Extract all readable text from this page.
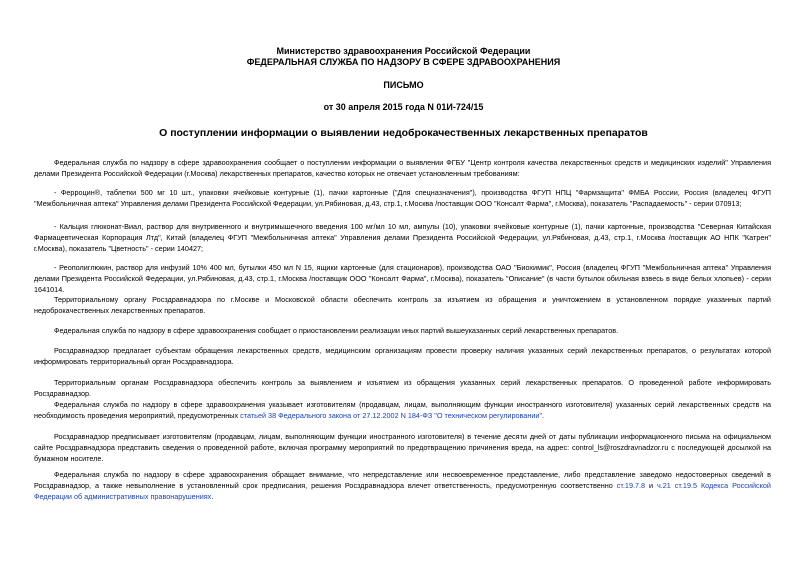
Министерство здравоохранения Российской Федерации
ФЕДЕРАЛЬНАЯ СЛУЖБА ПО НАДЗОРУ В СФЕРЕ ЗДРАВООХРАНЕНИЯ
ПИСЬМО
от 30 апреля 2015 года N 01И-724/15
О поступлении информации о выявлении недоброкачественных лекарственных препаратов

Федеральная служба по надзору в сфере здравоохранения сообщает о поступлении информации о выявлении ФГБУ "Центр контроля качества лекарственных средств и медицинских изделий" Управления делами Президента Российской Федерации (г.Москва) лекарственных препаратов, качество которых не отвечает установленным требованиям:

- Ферроцин®, таблетки 500 мг 10 шт., упаковки ячейковые контурные (1), пачки картонные ("Для спецназначения"), производства ФГУП НПЦ "Фармзащита" ФМБА России, Россия (владелец ФГУП "Межбольничная аптека" Управления делами Президента Российской Федерации, ул.Рябиновая, д.43, стр.1, г.Москва /поставщик ООО "Консалт Фарма", г.Москва), показатель "Распадаемость" - серии 070913;

- Кальция глюконат-Виал, раствор для внутривенного и внутримышечного введения 100 мг/мл 10 мл, ампулы (10), упаковки ячейковые контурные (1), пачки картонные, производства "Северная Китайская Фармацевтическая Корпорация Лтд", Китай (владелец ФГУП "Межбольничная аптека" Управления делами Президента Российской Федерации, ул.Рябиновая, д.43, стр.1, г.Москва /поставщик АО НПК "Катрен" г.Москва), показатель "Цветность" - серии 140427;

- Реополиглюкин, раствор для инфузий 10% 400 мл, бутылки 450 мл N 15, ящики картонные (для стационаров), производства ОАО "Биохимик", Россия (владелец ФГУП "Межбольничная аптека" Управления делами Президента Российской Федерации, ул.Рябиновая, д.43, стр.1, г.Москва /поставщик ООО "Консалт Фарма", г.Москва), показатель "Описание" (в части бутылок обильная взвесь в виде белых хлопьев) - серии 1641014.

Территориальному органу Росздравнадзора по г.Москве и Московской области обеспечить контроль за изъятием из обращения и уничтожением в установленном порядке указанных партий недоброкачественных лекарственных препаратов.

Федеральная служба по надзору в сфере здравоохранения сообщает о приостановлении реализации иных партий вышеуказанных серий лекарственных препаратов.

Росздравнадзор предлагает субъектам обращения лекарственных средств, медицинским организациям провести проверку наличия указанных серий лекарственных препаратов, о результатах которой информировать территориальный орган Росздравнадзора.

Территориальным органам Росздравнадзора обеспечить контроль за выявлением и изъятием из обращения указанных серий лекарственных препаратов. О проведенной работе информировать Росздравнадзор.

Федеральная служба по надзору в сфере здравоохранения указывает изготовителям (продавцам, лицам, выполняющим функции иностранного изготовителя) указанных серий лекарственных средств на необходимость проведения мероприятий, предусмотренных статьей 38 Федерального закона от 27.12.2002 N 184-ФЗ "О техническом регулировании".

Росздравнадзор предписывает изготовителям (продавцам, лицам, выполняющим функции иностранного изготовителя) в течение десяти дней от даты публикации информационного письма на официальном сайте Росздравнадзора представить сведения о проведенной работе, включая программу мероприятий по предотвращению причинения вреда, на адрес: control_ls@roszdravnadzor.ru с последующей досылкой на бумажном носителе.

Федеральная служба по надзору в сфере здравоохранения обращает внимание, что непредставление или несвоевременное представление, либо представление заведомо недостоверных сведений в Росздравнадзор, а также невыполнение в установленный срок предписания, решения Росздравнадзора влечет ответственность, предусмотренную соответственно ст.19.7.8 и ч.21 ст.19.5 Кодекса Российской Федерации об административных правонарушениях.
